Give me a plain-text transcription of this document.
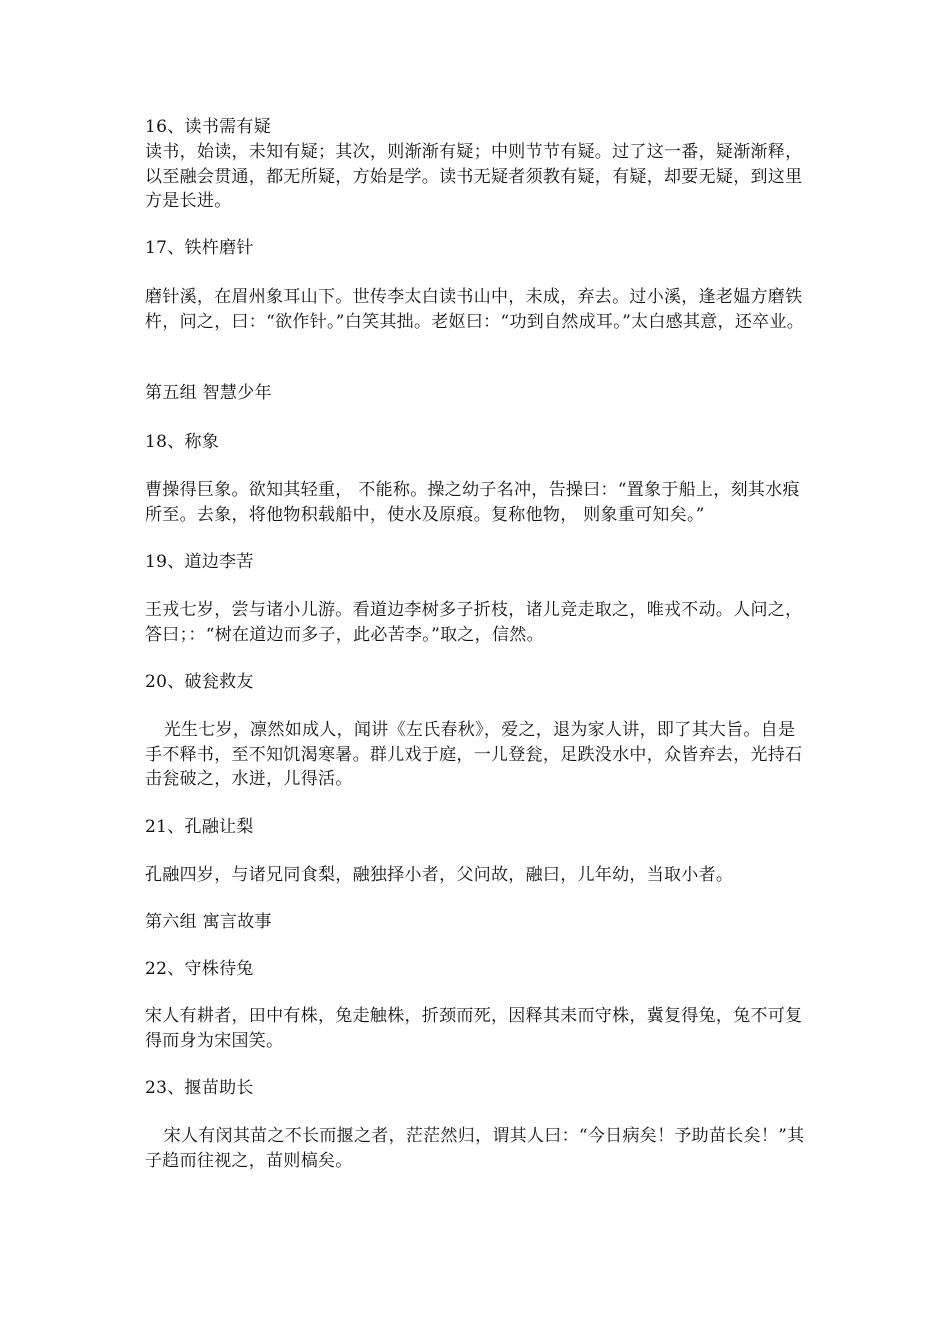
16、读书需有疑

读书，始读，未知有疑；其次，则渐渐有疑；中则节节有疑。过了这一番，疑渐渐释，以至融会贯通，都无所疑，方始是学。读书无疑者须教有疑，有疑，却要无疑，到这里方是长进。

17、铁杵磨针

磨针溪，在眉州象耳山下。世传李太白读书山中，未成，弃去。过小溪，逢老媪方磨铁杵，问之，曰：“欲作针。”白笑其拙。老妪曰：“功到自然成耳。”太白感其意，还卒业。

第五组 智慧少年

18、称象

曹操得巨象。欲知其轻重， 不能称。操之幼子名冲，告操曰：“置象于船上，刻其水痕所至。去象，将他物积载船中，使水及原痕。复称他物， 则象重可知矣。”

19、道边李苦

王戎七岁，尝与诸小儿游。看道边李树多子折枝，诸儿竞走取之，唯戎不动。人问之，答曰；：“树在道边而多子，此必苦李。”取之，信然。

20、破瓮救友

光生七岁，凛然如成人，闻讲《左氏春秋》，爱之，退为家人讲，即了其大旨。自是手不释书，至不知饥渴寒暑。群儿戏于庭，一儿登瓮，足跌没水中，众皆弃去，光持石击瓮破之，水迸，儿得活。

21、孔融让梨

孔融四岁，与诸兄同食梨，融独择小者，父问故，融曰，儿年幼，当取小者。

第六组 寓言故事

22、守株待兔

宋人有耕者，田中有株，兔走触株，折颈而死，因释其耒而守株，冀复得兔，兔不可复得而身为宋国笑。

23、揠苗助长

宋人有闵其苗之不长而揠之者，茫茫然归，谓其人曰：“今日病矣！予助苗长矣！”其子趋而往视之，苗则槁矣。
